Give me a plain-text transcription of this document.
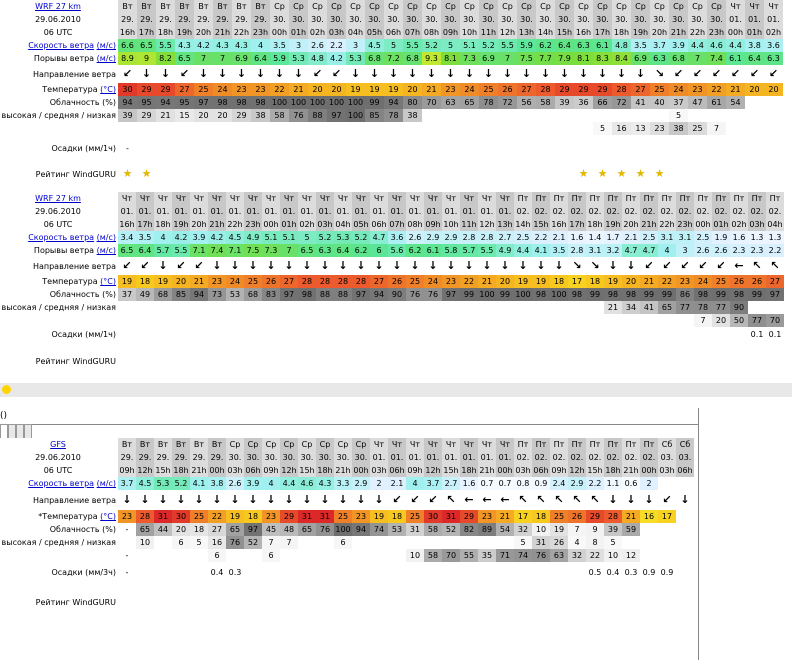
WRF 27 km	Вт	Вт	Вт	Вт	Вт	Вт	Вт	Вт	Ср	Ср	Ср	Ср	Ср	Ср	Ср	Ср	Ср	Ср	Ср	Ср	Ср	Ср	Ср	Ср	Ср	Ср	Ср	Ср	Ср	Ср	Ср	Ср	Чт	Чт	Чт
29.06.2010	29.	29.	29.	29.	29.	29.	29.	29.	30.	30.	30.	30.	30.	30.	30.	30.	30.	30.	30.	30.	30.	30.	30.	30.	30.	30.	30.	30.	30.	30.	30.	30.	01.	01.	01.
06 UTC	16h	17h	18h	19h	20h	21h	22h	23h	00h	01h	02h	03h	04h	05h	06h	07h	08h	09h	10h	11h	12h	13h	14h	15h	16h	17h	18h	19h	20h	21h	22h	23h	00h	01h	02h
Скорость ветра (м/с)	6.6	6.5	5.5	4.3	4.2	4.3	4.3	4	3.5	3	2.6	2.2	3	4.5	5	5.5	5.2	5	5.1	5.2	5.5	5.9	6.2	6.4	6.3	6.1	4.8	3.5	3.7	3.9	4.4	4.6	4.4	3.8	3.6
Порывы ветра (м/с)	8.9	9	8.2	6.5	7	7	6.9	6.4	5.9	5.3	4.8	4.2	5.3	6.8	7.2	6.8	9.3	8.1	7.3	6.9	7	7.5	7.7	7.9	8.1	8.3	8.4	6.9	6.3	6.8	7	7.4	6.1	6.4	6.3
Направление ветра	↙	↓	↓	↙	↓	↓	↓	↓	↓	↓	↙	↙	↓	↓	↓	↓	↓	↓	↓	↓	↓	↓	↓	↓	↓	↓	↓	↓	↘	↙	↙	↙	↙	↙	↙
Температура (°C)	30	29	29	27	25	24	23	23	22	21	20	20	19	19	19	20	21	23	24	25	26	27	28	29	29	29	28	27	25	24	23	22	21	20	20
Облачность (%)	94	95	94	95	97	98	98	98	100	100	100	100	100	99	94	80	70	63	65	78	72	56	58	39	36	66	72	41	40	37	47	61	54		
высокая / средняя / низкая	39	29	21	15	20	20	29	38	58	76	88	97	100	85	78	38														5					
																										5	16	13	23	38	25	7			
Осадки (мм/1ч)	-																																		
Рейтинг WindGURU	★	★																							★	★	★	★	★						
WRF 27 km	Чт	Чт	Чт	Чт	Чт	Чт	Чт	Чт	Чт	Чт	Чт	Чт	Чт	Чт	Чт	Чт	Чт	Чт	Чт	Чт	Чт	Чт	Пт	Пт	Пт	Пт	Пт	Пт	Пт	Пт	Пт	Пт	Пт	Пт	Пт	Пт	Пт
29.06.2010	01.	01.	01.	01.	01.	01.	01.	01.	01.	01.	01.	01.	01.	01.	01.	01.	01.	01.	01.	01.	01.	01.	02.	02.	02.	02.	02.	02.	02.	02.	02.	02.	02.	02.	02.	02.	02.
06 UTC	16h	17h	18h	19h	20h	21h	22h	23h	00h	01h	02h	03h	04h	05h	06h	07h	08h	09h	10h	11h	12h	13h	14h	15h	16h	17h	18h	19h	20h	21h	22h	23h	00h	01h	02h	03h	04h
Скорость ветра (м/с)	3.4	3.5	4	4.2	3.9	4.2	4.5	4.9	5.1	5.1	5	5.2	5.3	5.2	4.7	3.6	2.6	2.9	2.9	2.8	2.8	2.7	2.5	2.2	2.1	1.6	1.4	1.7	2.1	2.5	3.1	3.1	2.5	1.9	1.6	1.3	1.3
Порывы ветра (м/с)	6.5	6.4	5.7	5.5	7.1	7.4	7.1	7.5	7.3	7	6.5	6.3	6.4	6.2	6	5.6	6.2	6.1	5.8	5.7	5.5	4.9	4.4	4.1	3.5	2.8	3.1	3.2	4.7	4.7	4	3	2.6	2.6	2.3	2.3	2.2
Направление ветра	↙	↙	↓	↙	↙	↓	↓	↓	↓	↓	↓	↓	↓	↓	↓	↓	↓	↓	↓	↓	↓	↓	↓	↓	↓	↘	↘	↓	↓	↙	↙	↙	↙	↙	←	↖	↖
Температура (°C)	19	18	19	20	21	23	24	25	26	27	28	28	28	28	27	26	25	24	23	22	21	20	19	19	18	17	18	19	20	21	22	23	24	25	26	26	27
Облачность (%)	37	49	68	85	94	73	53	68	83	97	98	88	88	97	94	90	76	76	97	99	100	99	100	98	100	98	99	98	98	99	99	86	98	99	98	99	97
высокая / средняя / низкая																												21	34	41	65	77	78	77	90		
																																	7	20	50	77	70
Осадки (мм/1ч)																																				0.1	0.1
Рейтинг WindGURU																																					
()
GFS	Вт	Вт	Вт	Вт	Вт	Вт	Ср	Ср	Ср	Ср	Ср	Ср	Ср	Ср	Чт	Чт	Чт	Чт	Чт	Чт	Чт	Чт	Пт	Пт	Пт	Пт	Пт	Пт	Пт	Пт	Сб	Сб
29.06.2010	29.	29.	29.	29.	29.	29.	30.	30.	30.	30.	30.	30.	30.	30.	01.	01.	01.	01.	01.	01.	01.	01.	02.	02.	02.	02.	02.	02.	02.	02.	03.	03.
06 UTC	09h	12h	15h	18h	21h	00h	03h	06h	09h	12h	15h	18h	21h	00h	03h	06h	09h	12h	15h	18h	21h	00h	03h	06h	09h	12h	15h	18h	21h	00h	03h	06h
Скорость ветра (м/с)	3.7	4.5	5.3	5.2	4.1	3.8	2.6	3.9	4	4.4	4.6	4.3	3.3	2.9	2	2.1	4	3.7	2.7	1.6	0.7	0.7	0.8	0.9	2.4	2.9	2.2	1.1	0.6	2		
Направление ветра	↓	↓	↓	↓	↓	↓	↓	↓	↓	↓	↓	↓	↓	↓	↓	↙	↙	↙	↖	←	←	←	↖	↖	↖	↖	↖	↓	↓	↓	↙	↓
*Температура (°C)	23	28	31	30	25	22	19	18	23	29	31	31	25	23	19	18	25	30	31	29	23	21	17	18	25	26	29	28	21	16	17	
Облачность (%)	-	65	44	20	18	27	65	97	45	48	65	76	100	94	74	53	31	58	52	82	89	54	32	10	19	7	9	39	59			
высокая / средняя / низкая		10		6	5	16	76	52	7	7			6										5	31	26	4	8	5				
	-					6			6								10	58	70	55	35	71	74	76	63	32	22	10	12			
Осадки (мм/3ч)	-					0.4	0.3																				0.5	0.4	0.3	0.9	0.9	
Рейтинг WindGURU																																
